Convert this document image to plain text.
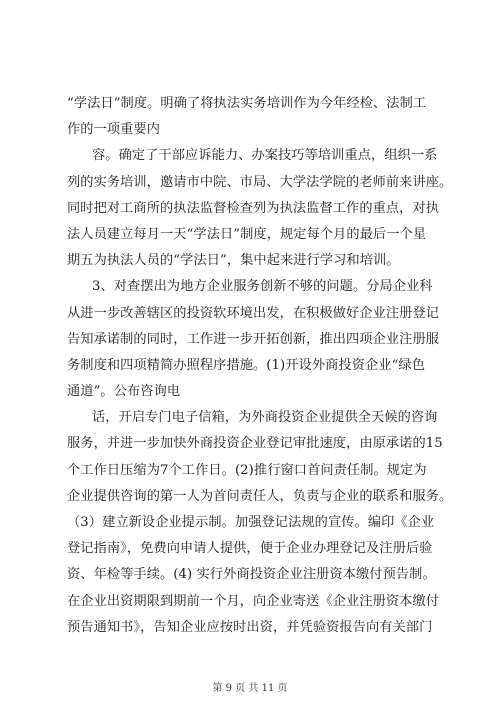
“学法日”制度。明确了将执法实务培训作为今年经检、法制工
作的一项重要内
容。确定了干部应诉能力、办案技巧等培训重点，组织一系
列的实务培训，邀请市中院、市局、大学法学院的老师前来讲座。
同时把对工商所的执法监督检查列为执法监督工作的重点，对执
法人员建立每月一天“学法日”制度，规定每个月的最后一个星
期五为执法人员的“学法日”，集中起来进行学习和培训。
3、对查摆出为地方企业服务创新不够的问题。分局企业科
从进一步改善辖区的投资软环境出发，在积极做好企业注册登记
告知承诺制的同时，工作进一步开拓创新，推出四项企业注册服
务制度和四项精简办照程序措施。(1)开设外商投资企业“绿色
通道”。公布咨询电
话，开启专门电子信箱，为外商投资企业提供全天候的咨询
服务，并进一步加快外商投资企业登记审批速度，由原承诺的15
个工作日压缩为7个工作日。(2)推行窗口首问责任制。规定为
企业提供咨询的第一人为首问责任人，负责与企业的联系和服务。
（3）建立新设企业提示制。加强登记法规的宣传。编印《企业
登记指南》，免费向申请人提供，便于企业办理登记及注册后验
资、年检等手续。(4) 实行外商投资企业注册资本缴付预告制。
在企业出资期限到期前一个月，向企业寄送《企业注册资本缴付
预告通知书》，告知企业应按时出资，并凭验资报告向有关部门
第 9 页 共 11 页
